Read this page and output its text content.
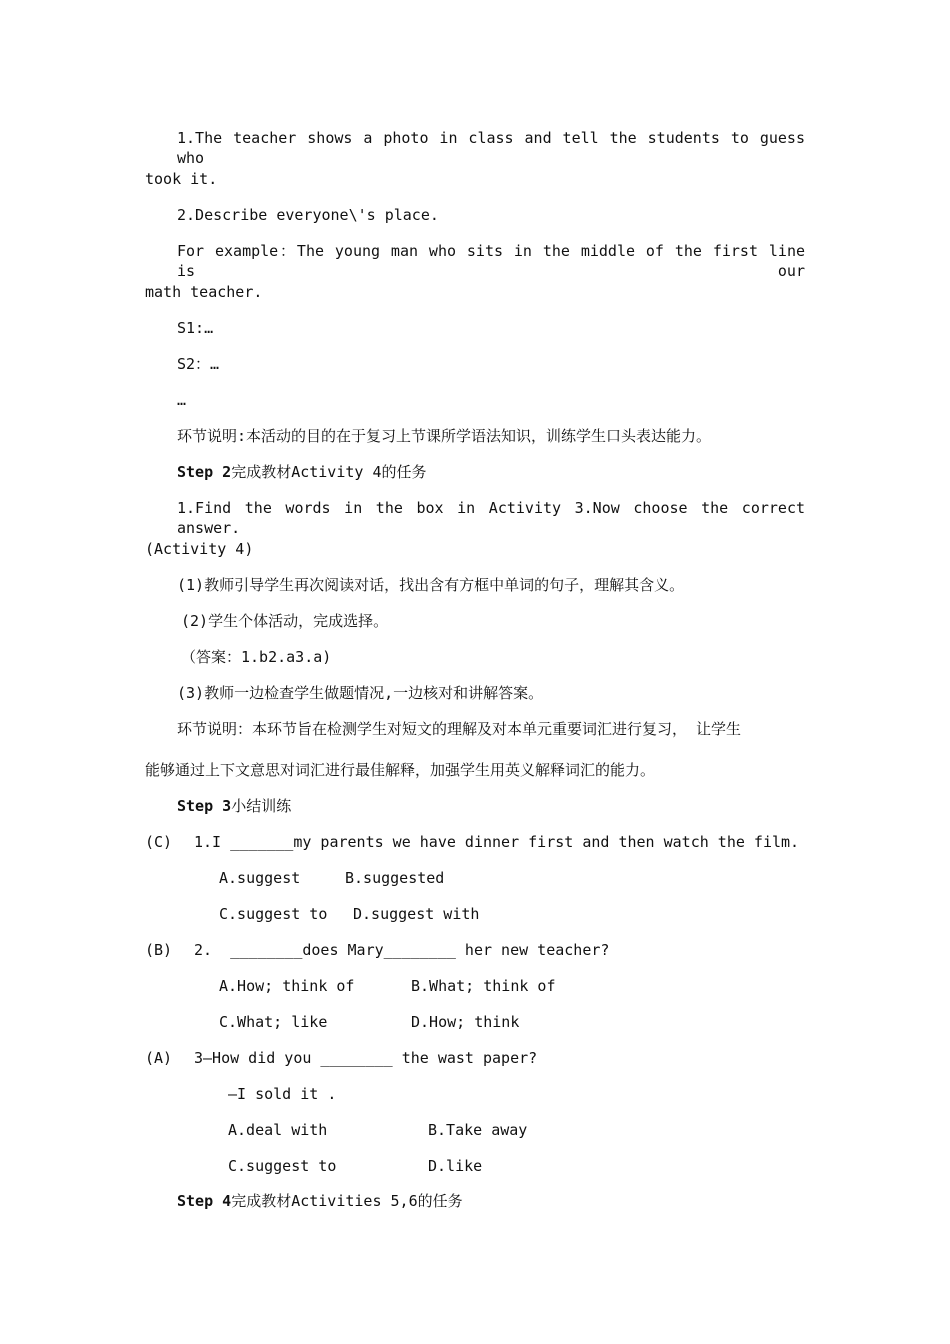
1.The teacher shows a photo in class and tell the students to guess who
took it.
2.Describe everyone\'s place.
For example：The young man who sits in the middle of the first line is our
math teacher.
S1:…
S2：…
…
环节说明:本活动的目的在于复习上节课所学语法知识，训练学生口头表达能力。
Step 2完成教材Activity 4的任务
1.Find the words in the box in Activity 3.Now choose the correct answer.
(Activity 4)
(1)教师引导学生再次阅读对话，找出含有方框中单词的句子，理解其含义。
(2)学生个体活动，完成选择。
（答案：1.b2.a3.a)
(3)教师一边检查学生做题情况,一边核对和讲解答案。
环节说明：本环节旨在检测学生对短文的理解及对本单元重要词汇进行复习， 让学生
能够通过上下文意思对词汇进行最佳解释，加强学生用英义解释词汇的能力。
Step 3小结训练
(C) 1.I _______my parents we have dinner first and then watch the film.
A.suggest	B.suggested
C.suggest to D.suggest with
(B) 2.  ________does Mary________ her new teacher?
A.How; think of	B.What; think of
C.What; like	D.How; think
(A) 3—How did you ________ the wast paper?
—I sold it .
A.deal with	B.Take away
C.suggest to	D.like
Step 4完成教材Activities 5,6的任务
